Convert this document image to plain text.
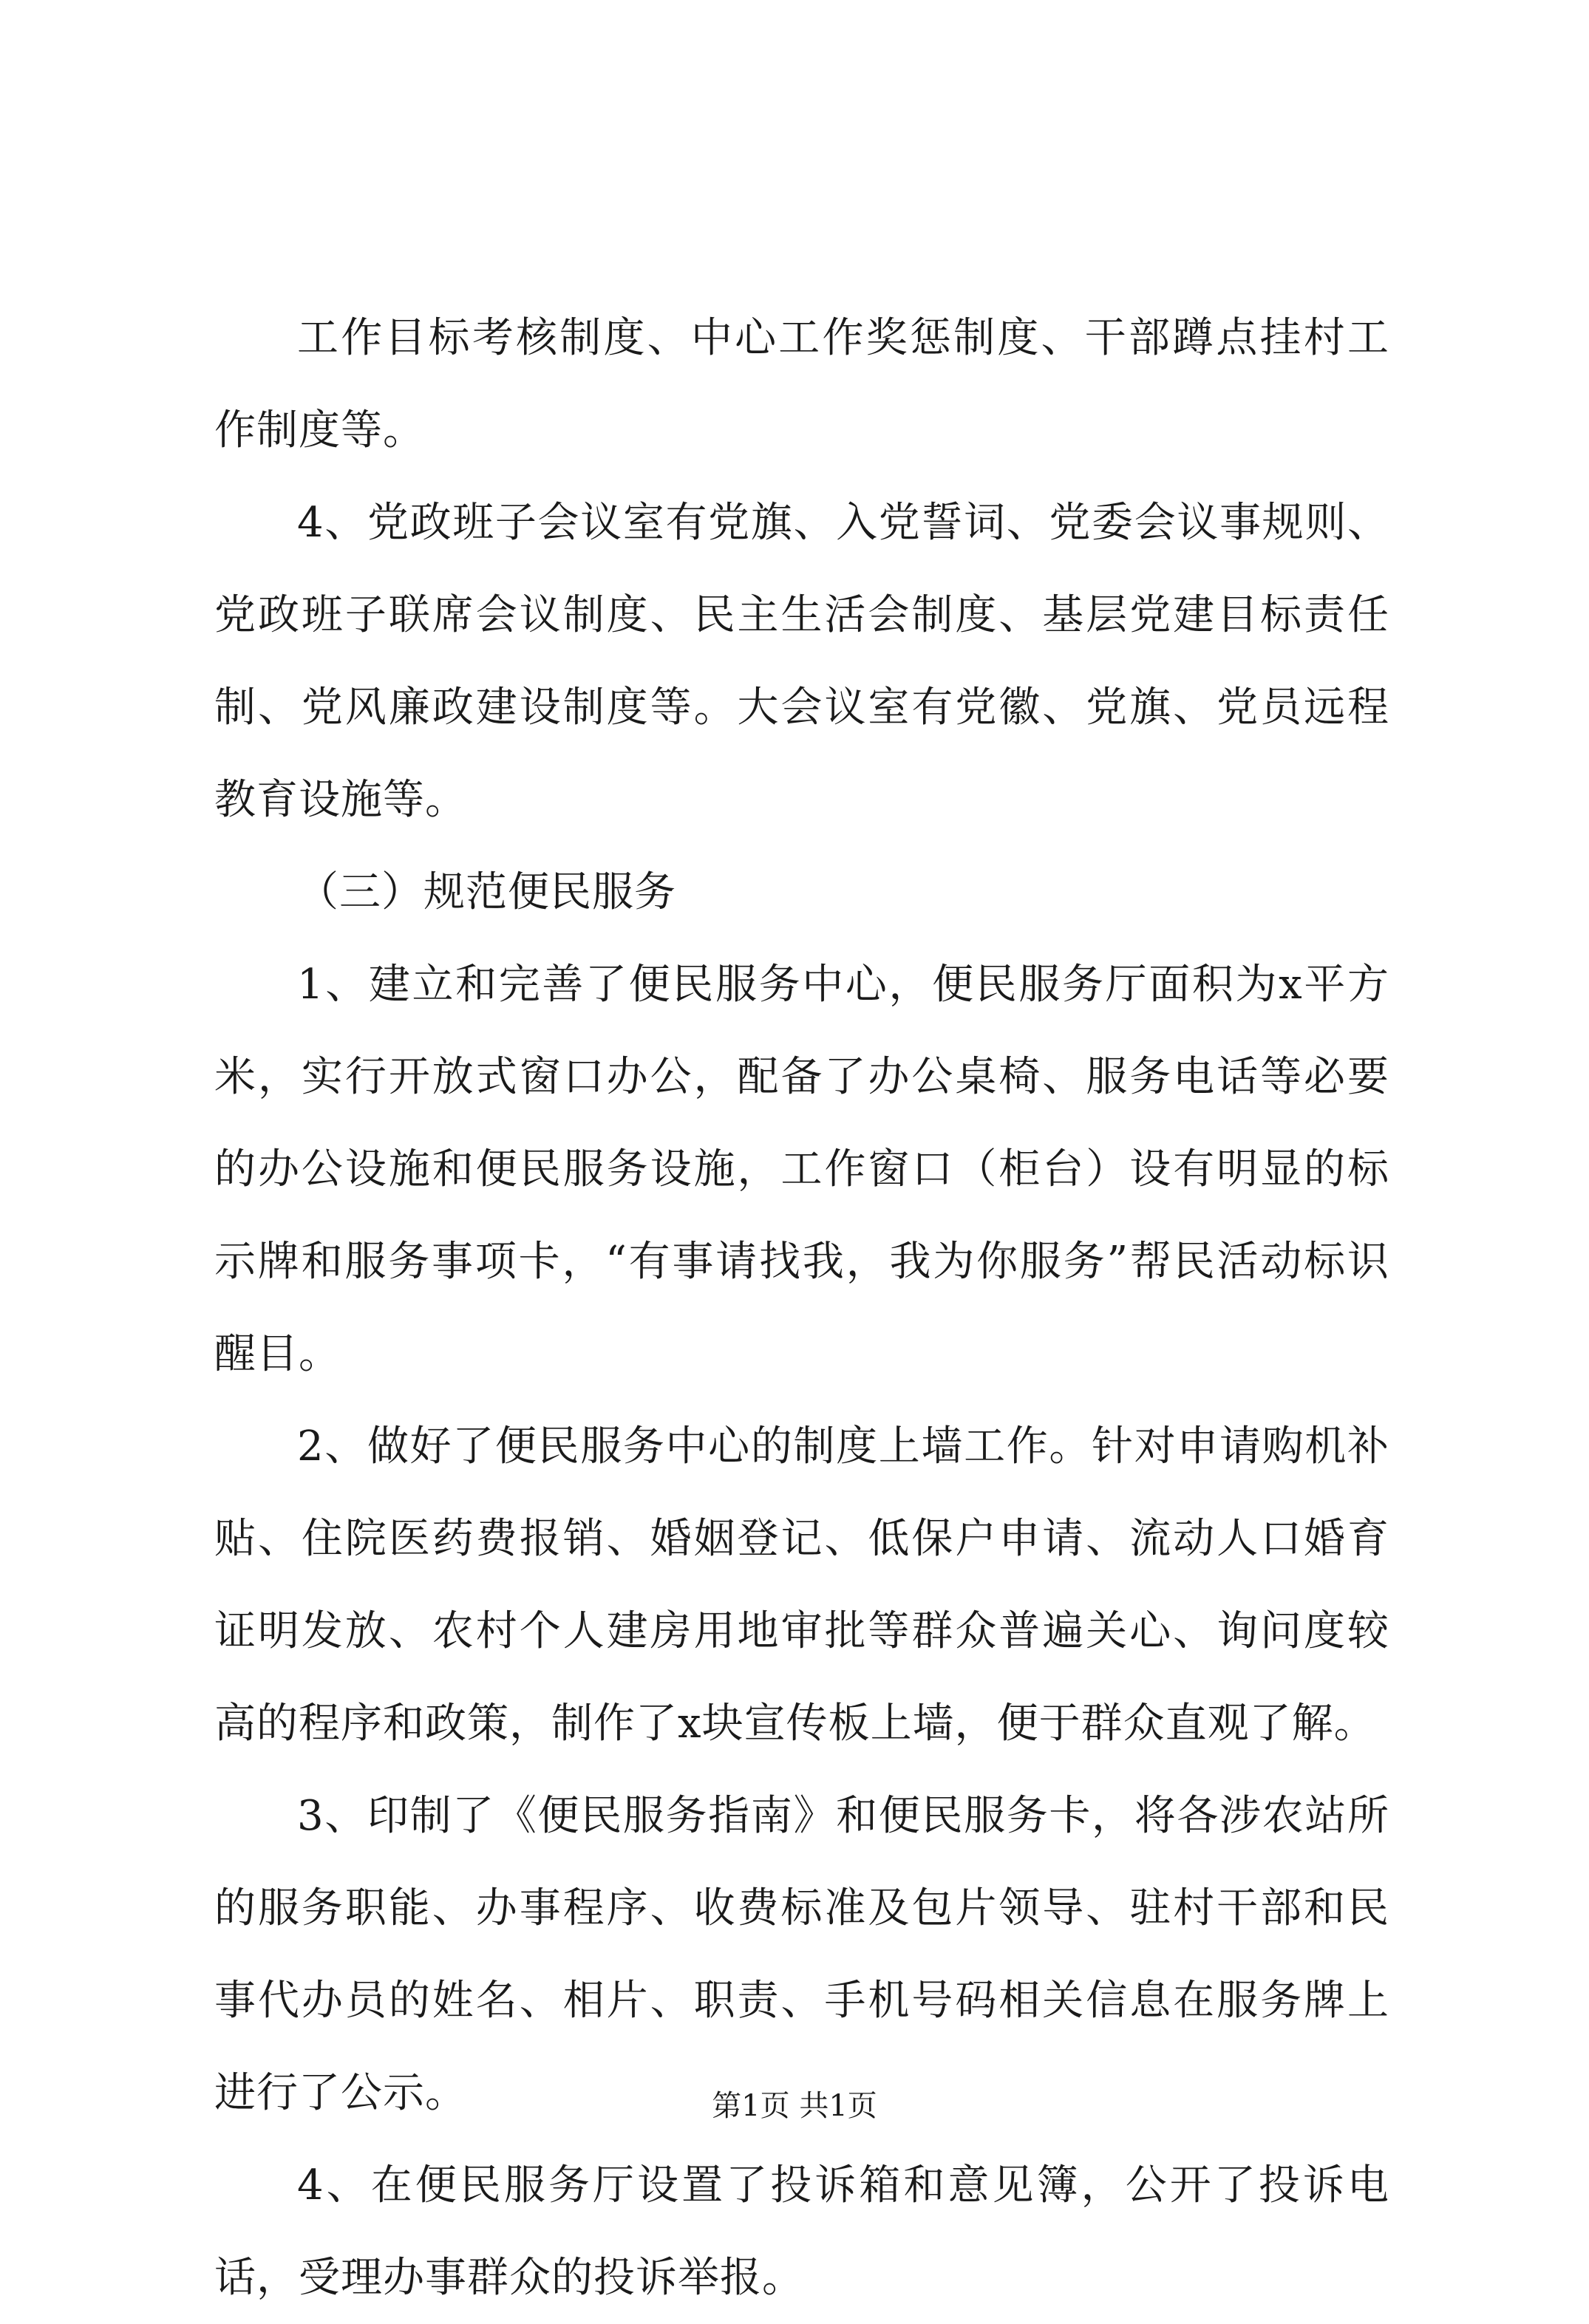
工作目标考核制度、中心工作奖惩制度、干部蹲点挂村工作制度等。

4、党政班子会议室有党旗、入党誓词、党委会议事规则、党政班子联席会议制度、民主生活会制度、基层党建目标责任制、党风廉政建设制度等。大会议室有党徽、党旗、党员远程教育设施等。

（三）规范便民服务

1、建立和完善了便民服务中心，便民服务厅面积为x平方米，实行开放式窗口办公，配备了办公桌椅、服务电话等必要的办公设施和便民服务设施，工作窗口（柜台）设有明显的标示牌和服务事项卡，“有事请找我，我为你服务”帮民活动标识醒目。

2、做好了便民服务中心的制度上墙工作。针对申请购机补贴、住院医药费报销、婚姻登记、低保户申请、流动人口婚育证明发放、农村个人建房用地审批等群众普遍关心、询问度较高的程序和政策，制作了x块宣传板上墙，便于群众直观了解。

3、印制了《便民服务指南》和便民服务卡，将各涉农站所的服务职能、办事程序、收费标准及包片领导、驻村干部和民事代办员的姓名、相片、职责、手机号码相关信息在服务牌上进行了公示。

4、在便民服务厅设置了投诉箱和意见簿，公开了投诉电话，受理办事群众的投诉举报。

第1页 共1页
